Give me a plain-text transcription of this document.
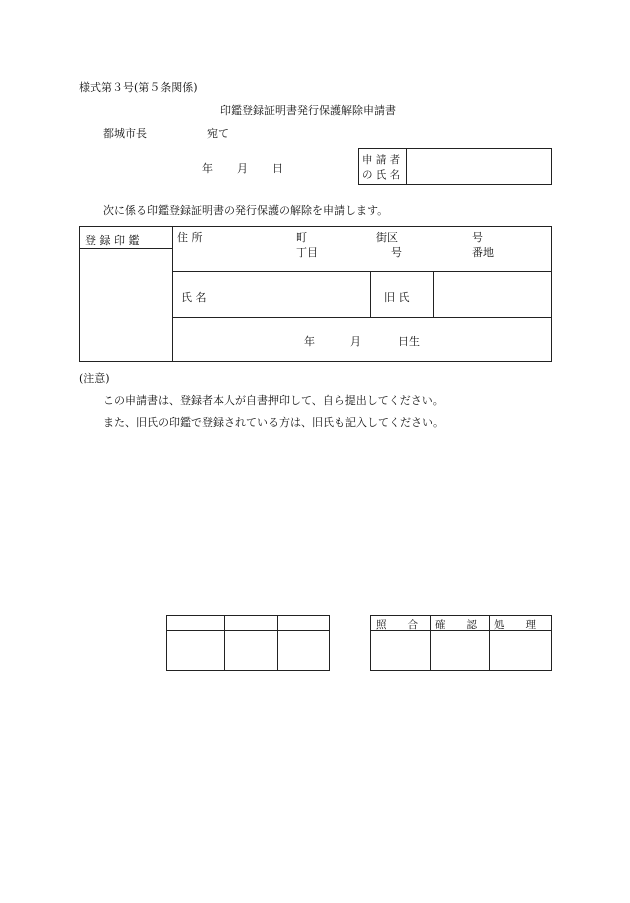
様式第３号(第５条関係)
印鑑登録証明書発行保護解除申請書
都城市長	宛て
年 月 日
申 請 者
の 氏 名
次に係る印鑑登録証明書の発行保護の解除を申請します。
登 録 印 鑑	住 所	町	街区	号
丁目	号	番地
氏 名	旧 氏
年	月	日生
(注意)
この申請書は、登録者本人が自書押印して、自ら提出してください。
また、旧氏の印鑑で登録されている方は、旧氏も記入してください。
照　　合 確　　認 処　　理
